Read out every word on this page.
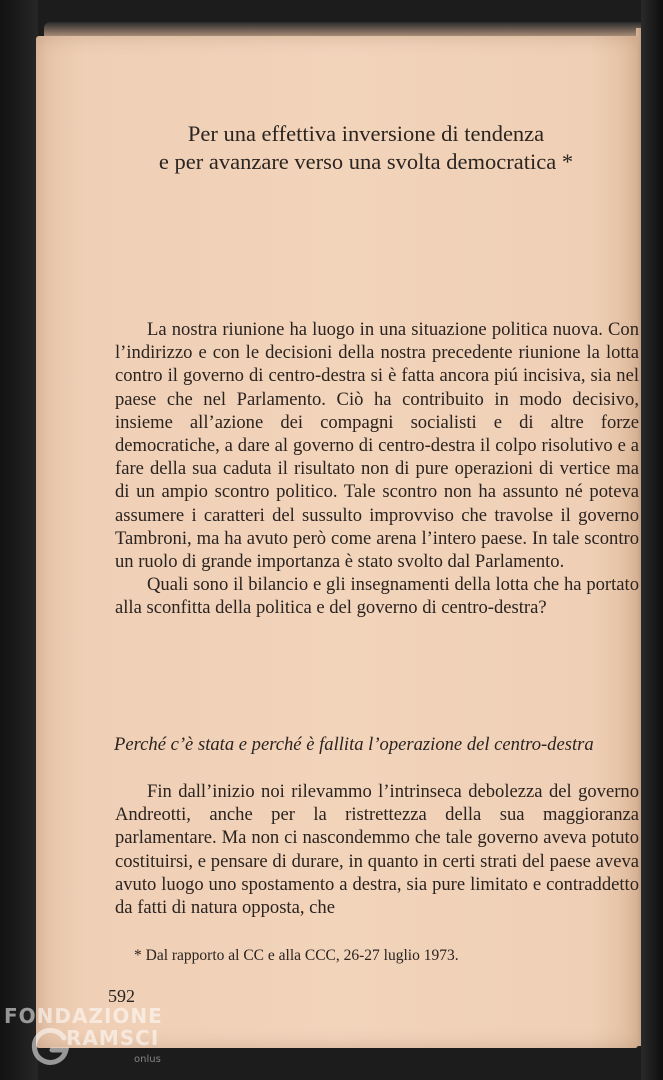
Per una effettiva inversione di tendenza
e per avanzare verso una svolta democratica *

La nostra riunione ha luogo in una situazione politica nuova. Con l’indirizzo e con le decisioni della nostra precedente riunione la lotta contro il governo di centro-destra si è fatta ancora piú incisiva, sia nel paese che nel Parlamento. Ciò ha contribuito in modo decisivo, insieme all’azione dei compagni socialisti e di altre forze democratiche, a dare al governo di centro-destra il colpo risolutivo e a fare della sua caduta il risultato non di pure operazioni di vertice ma di un ampio scontro politico. Tale scontro non ha assunto né poteva assumere i caratteri del sussulto improvviso che travolse il governo Tambroni, ma ha avuto però come arena l’intero paese. In tale scontro un ruolo di grande importanza è stato svolto dal Parlamento.

Quali sono il bilancio e gli insegnamenti della lotta che ha portato alla sconfitta della politica e del governo di centro-destra?

Perché c’è stata e perché è fallita l’operazione del centro-destra

Fin dall’inizio noi rilevammo l’intrinseca debolezza del governo Andreotti, anche per la ristrettezza della sua maggioranza parlamentare. Ma non ci nascondemmo che tale governo aveva potuto costituirsi, e pensare di durare, in quanto in certi strati del paese aveva avuto luogo uno spostamento a destra, sia pure limitato e contraddetto da fatti di natura opposta, che

* Dal rapporto al CC e alla CCC, 26-27 luglio 1973.
592
FONDAZIONE
RAMSCI
onlus
